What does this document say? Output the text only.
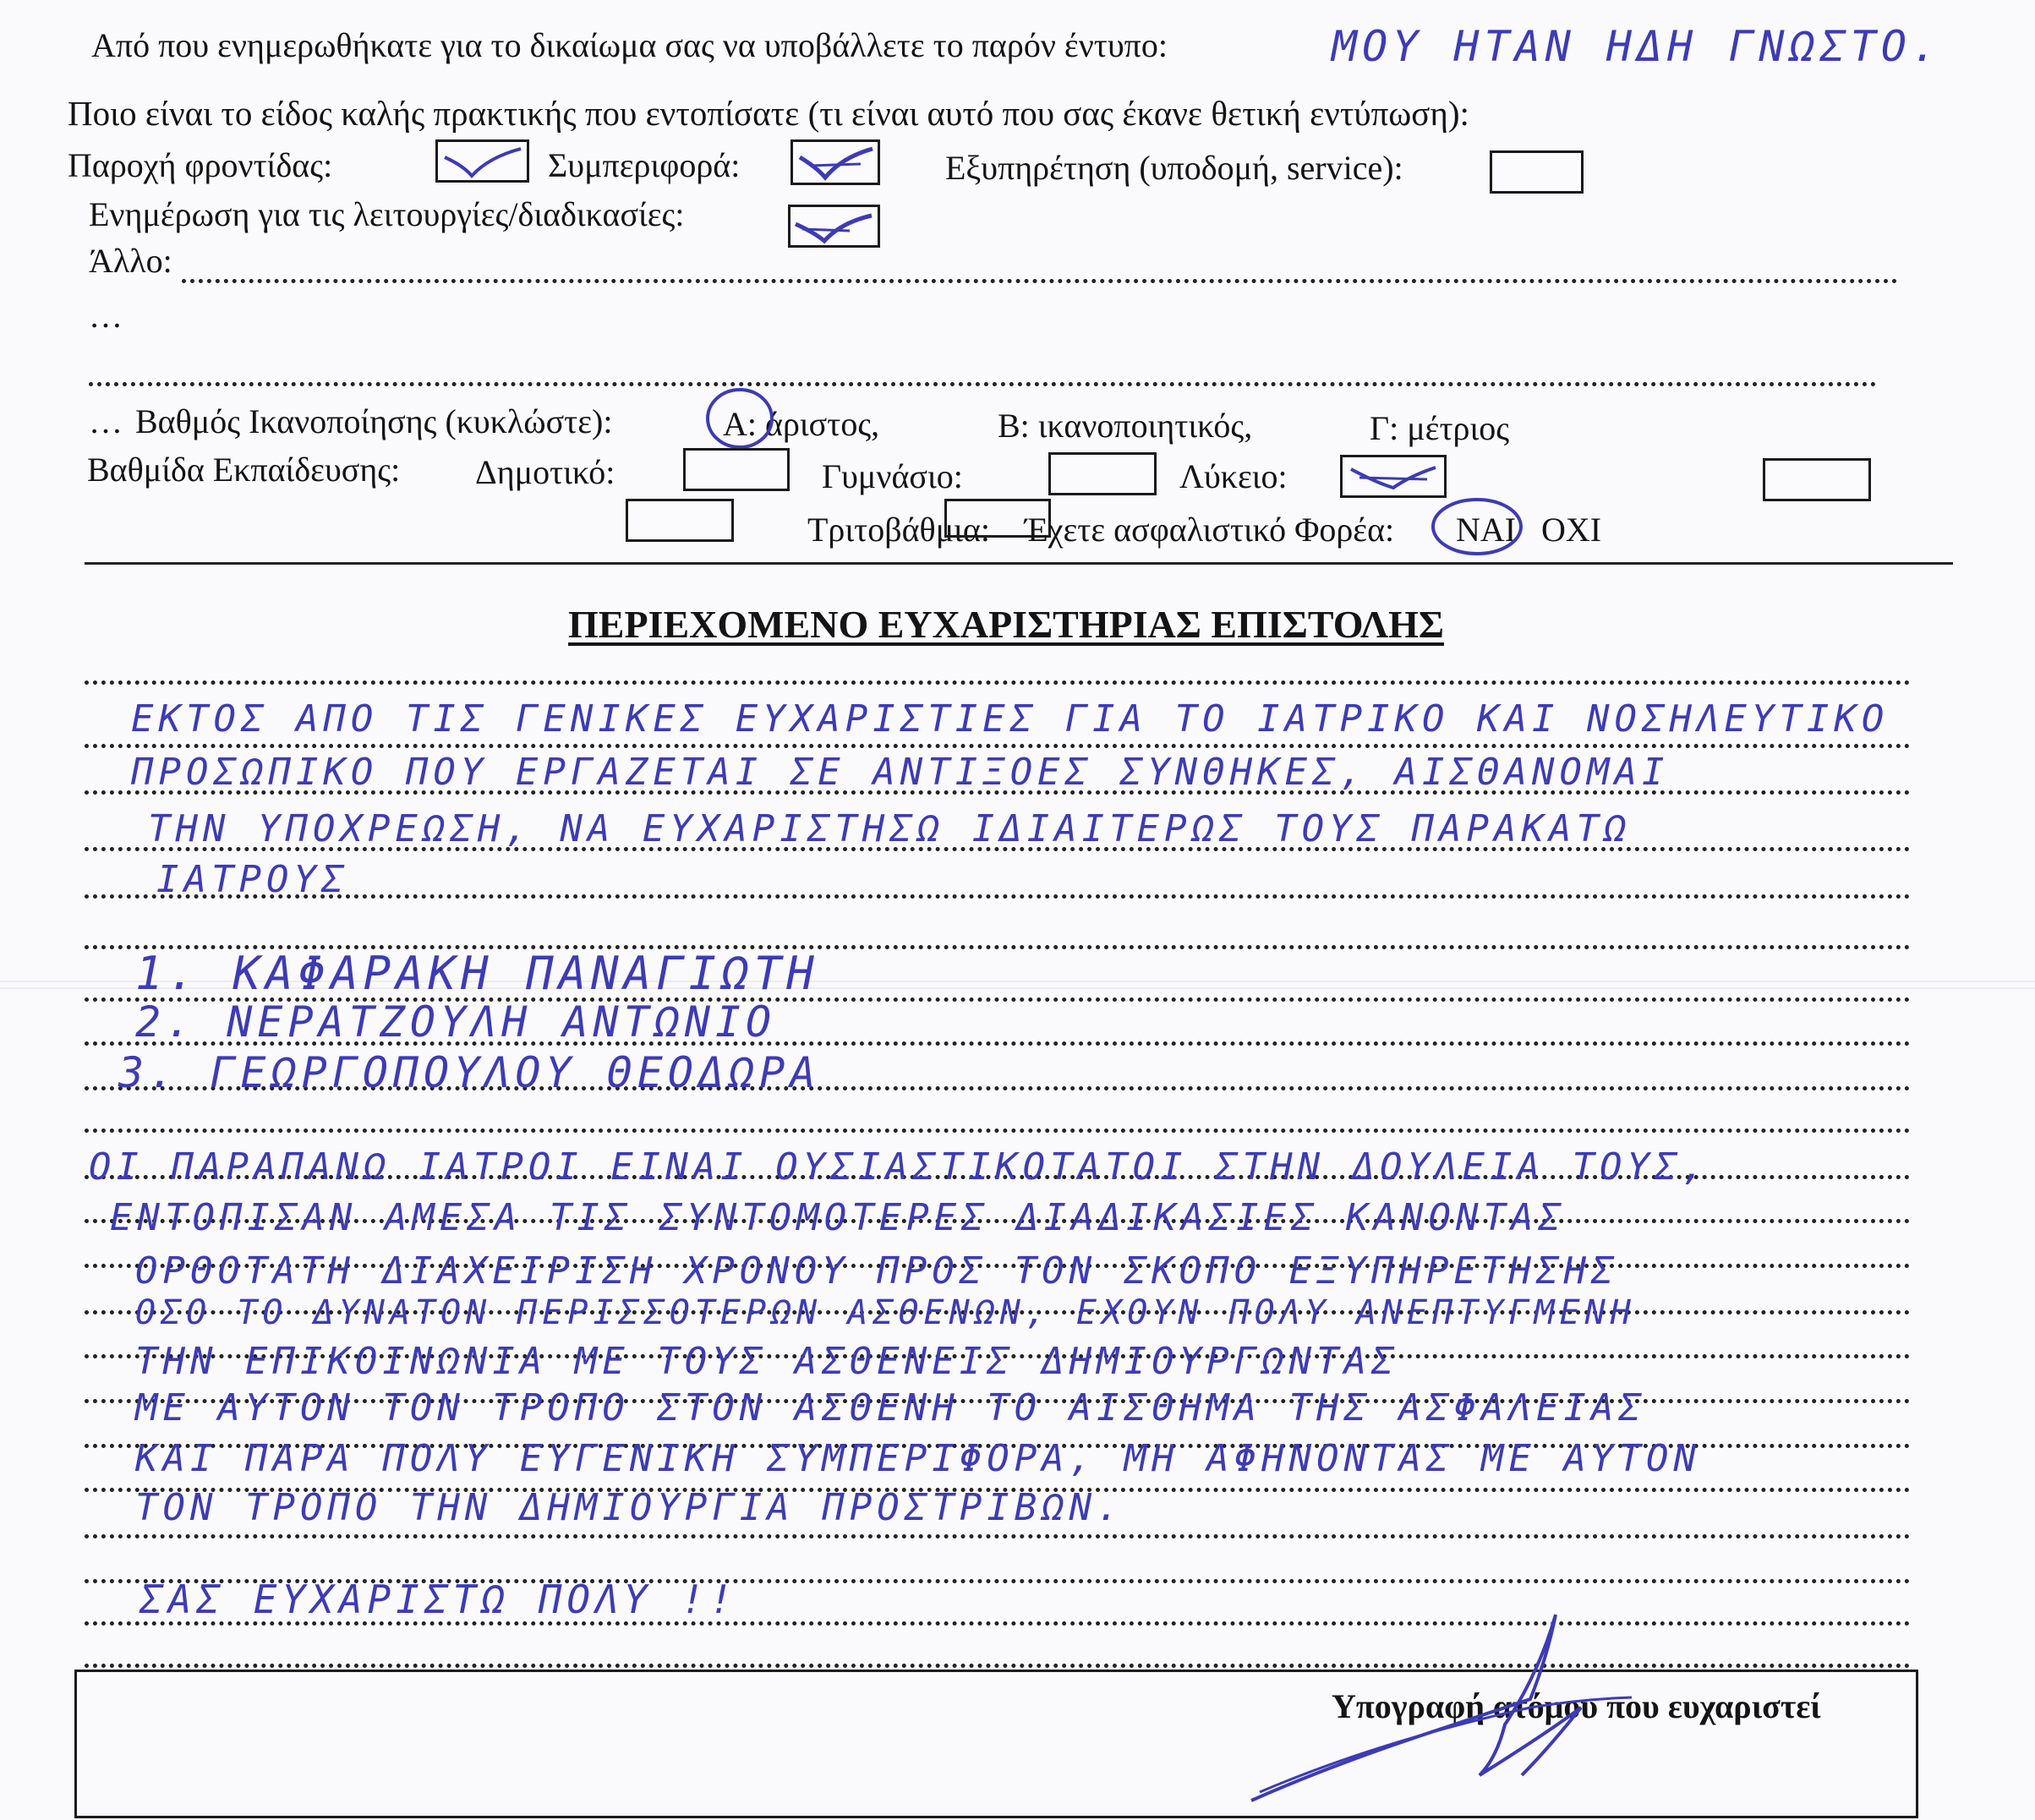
Από που ενημερωθήκατε για το δικαίωμα σας να υποβάλλετε το παρόν έντυπο:	ΜΟΥ ΗΤΑΝ ΗΔΗ ΓΝΩΣΤΟ.
Ποιο είναι το είδος καλής πρακτικής που εντοπίσατε (τι είναι αυτό που σας έκανε θετική εντύπωση):
Παροχή φροντίδας:	Συμπεριφορά:	Εξυπηρέτηση (υποδομή, service):
Ενημέρωση για τις λειτουργίες/διαδικασίες:
Άλλο:
…
… Βαθμός Ικανοποίησης (κυκλώστε):	Α: άριστος,	Β: ικανοποιητικός,	Γ: μέτριος
Βαθμίδα Εκπαίδευσης: Δημοτικό:	Γυμνάσιο:	Λύκειο:
Τριτοβάθμια: Έχετε ασφαλιστικό Φορέα: ΝΑΙ ΟΧΙ
ΠΕΡΙΕΧΟΜΕΝΟ ΕΥΧΑΡΙΣΤΗΡΙΑΣ ΕΠΙΣΤΟΛΗΣ
ΕΚΤΟΣ ΑΠΟ ΤΙΣ ΓΕΝΙΚΕΣ ΕΥΧΑΡΙΣΤΙΕΣ ΓΙΑ ΤΟ ΙΑΤΡΙΚΟ ΚΑΙ ΝΟΣΗΛΕΥΤΙΚΟ
ΠΡΟΣΩΠΙΚΟ ΠΟΥ ΕΡΓΑΖΕΤΑΙ ΣΕ ΑΝΤΙΞΟΕΣ ΣΥΝΘΗΚΕΣ, ΑΙΣΘΑΝΟΜΑΙ
ΤΗΝ ΥΠΟΧΡΕΩΣΗ, ΝΑ ΕΥΧΑΡΙΣΤΗΣΩ ΙΔΙΑΙΤΕΡΩΣ ΤΟΥΣ ΠΑΡΑΚΑΤΩ
ΙΑΤΡΟΥΣ
1. ΚΑΦΑΡΑΚΗ ΠΑΝΑΓΙΩΤΗ
2. ΝΕΡΑΤΖΟΥΛΗ ΑΝΤΩΝΙΟ
3. ΓΕΩΡΓΟΠΟΥΛΟΥ ΘΕΟΔΩΡΑ
ΟΙ ΠΑΡΑΠΑΝΩ ΙΑΤΡΟΙ ΕΙΝΑΙ ΟΥΣΙΑΣΤΙΚΟΤΑΤΟΙ ΣΤΗΝ ΔΟΥΛΕΙΑ ΤΟΥΣ,
ΕΝΤΟΠΙΣΑΝ ΑΜΕΣΑ ΤΙΣ ΣΥΝΤΟΜΟΤΕΡΕΣ ΔΙΑΔΙΚΑΣΙΕΣ ΚΑΝΟΝΤΑΣ
ΟΡΘΟΤΑΤΗ ΔΙΑΧΕΙΡΙΣΗ ΧΡΟΝΟΥ ΠΡΟΣ ΤΟΝ ΣΚΟΠΟ ΕΞΥΠΗΡΕΤΗΣΗΣ
ΟΣΟ ΤΟ ΔΥΝΑΤΟΝ ΠΕΡΙΣΣΟΤΕΡΩΝ ΑΣΘΕΝΩΝ, ΕΧΟΥΝ ΠΟΛΥ ΑΝΕΠΤΥΓΜΕΝΗ
ΤΗΝ ΕΠΙΚΟΙΝΩΝΙΑ ΜΕ ΤΟΥΣ ΑΣΘΕΝΕΙΣ ΔΗΜΙΟΥΡΓΩΝΤΑΣ
ΜΕ ΑΥΤΟΝ ΤΟΝ ΤΡΟΠΟ ΣΤΟΝ ΑΣΘΕΝΗ ΤΟ ΑΙΣΘΗΜΑ ΤΗΣ ΑΣΦΑΛΕΙΑΣ
ΚΑΙ ΠΑΡΑ ΠΟΛΥ ΕΥΓΕΝΙΚΗ ΣΥΜΠΕΡΙΦΟΡΑ, ΜΗ ΑΦΗΝΟΝΤΑΣ ΜΕ ΑΥΤΟΝ
ΤΟΝ ΤΡΟΠΟ ΤΗΝ ΔΗΜΙΟΥΡΓΙΑ ΠΡΟΣΤΡΙΒΩΝ.
ΣΑΣ ΕΥΧΑΡΙΣΤΩ ΠΟΛΥ !!
Υπογραφή ατόμου που ευχαριστεί
